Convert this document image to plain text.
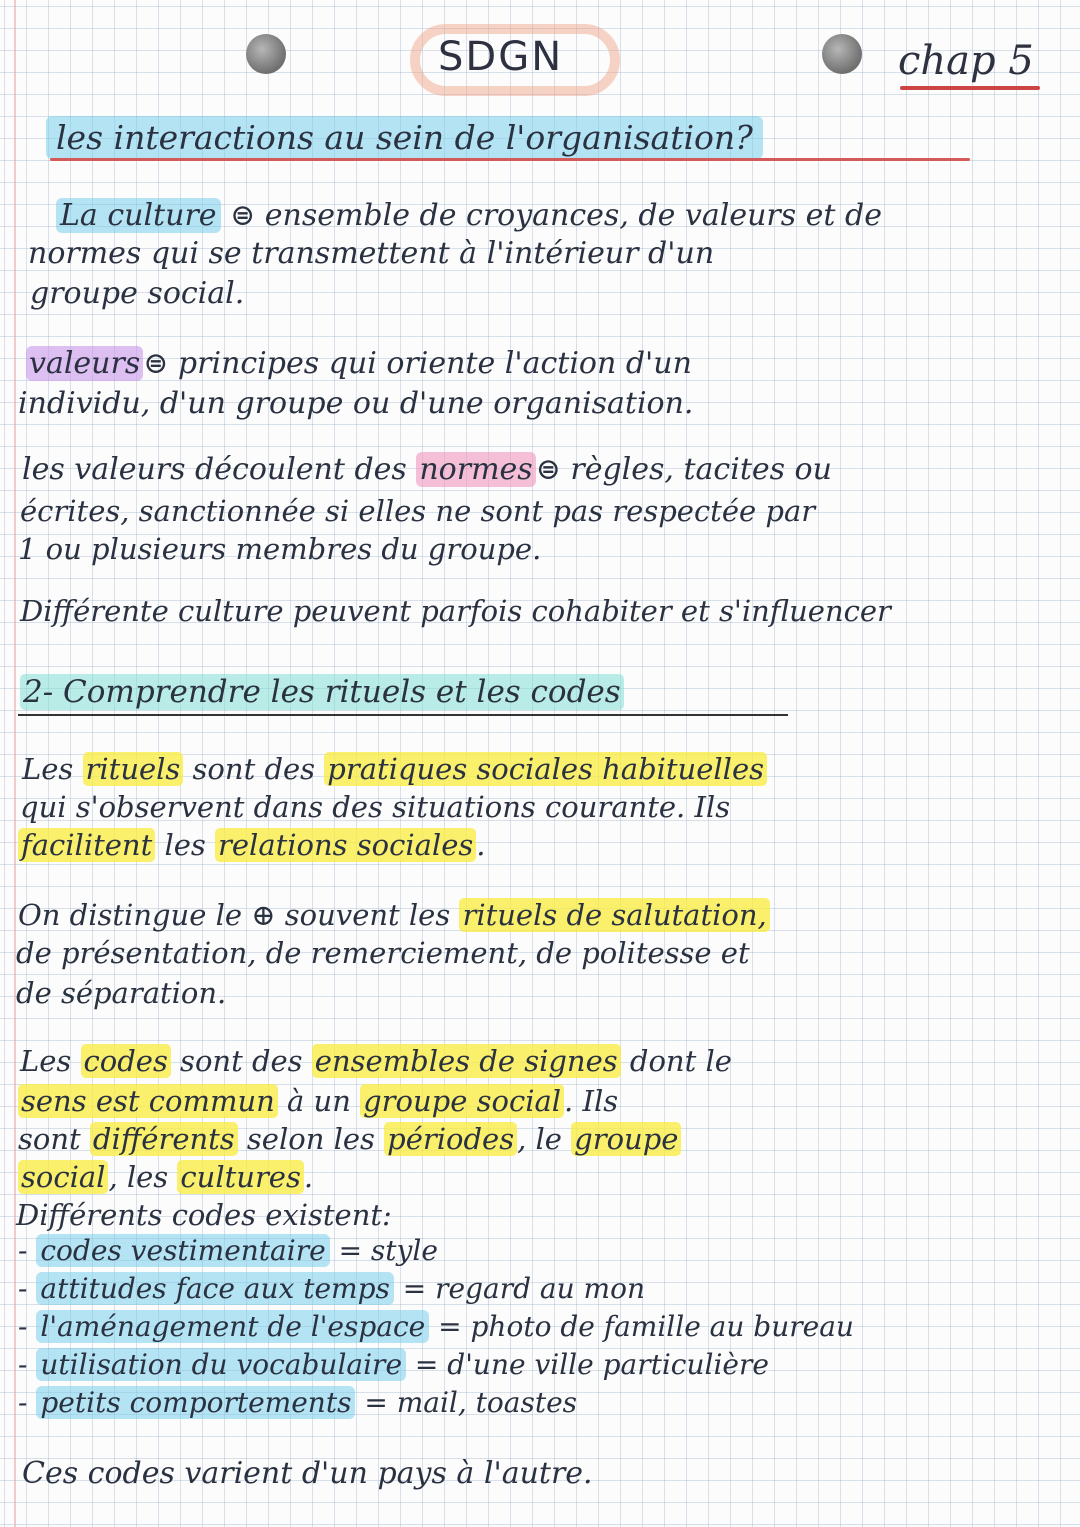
SDGN	chap 5
les interactions au sein de l'organisation?
La culture ⊜ ensemble de croyances, de valeurs et de
normes qui se transmettent à l'intérieur d'un
groupe social.
valeurs ⊜ principes qui oriente l'action d'un
individu, d'un groupe ou d'une organisation.
les valeurs découlent des normes ⊜ règles, tacites ou
écrites, sanctionnée si elles ne sont pas respectée par
1 ou plusieurs membres du groupe.
Différente culture peuvent parfois cohabiter et s'influencer
2- Comprendre les rituels et les codes
Les rituels sont des pratiques sociales habituelles
qui s'observent dans des situations courante. Ils
facilitent les relations sociales .
On distingue le ⊕ souvent les rituels de salutation,
de présentation, de remerciement, de politesse et
de séparation.
Les codes sont des ensembles de signes dont le
sens est commun à un groupe social . Ils
sont différents selon les périodes , le groupe
social , les cultures .
Différents codes existent:
- codes vestimentaire = style
- attitudes face aux temps = regard au mon
- l'aménagement de l'espace = photo de famille au bureau
- utilisation du vocabulaire = d'une ville particulière
- petits comportements = mail, toastes
Ces codes varient d'un pays à l'autre.
